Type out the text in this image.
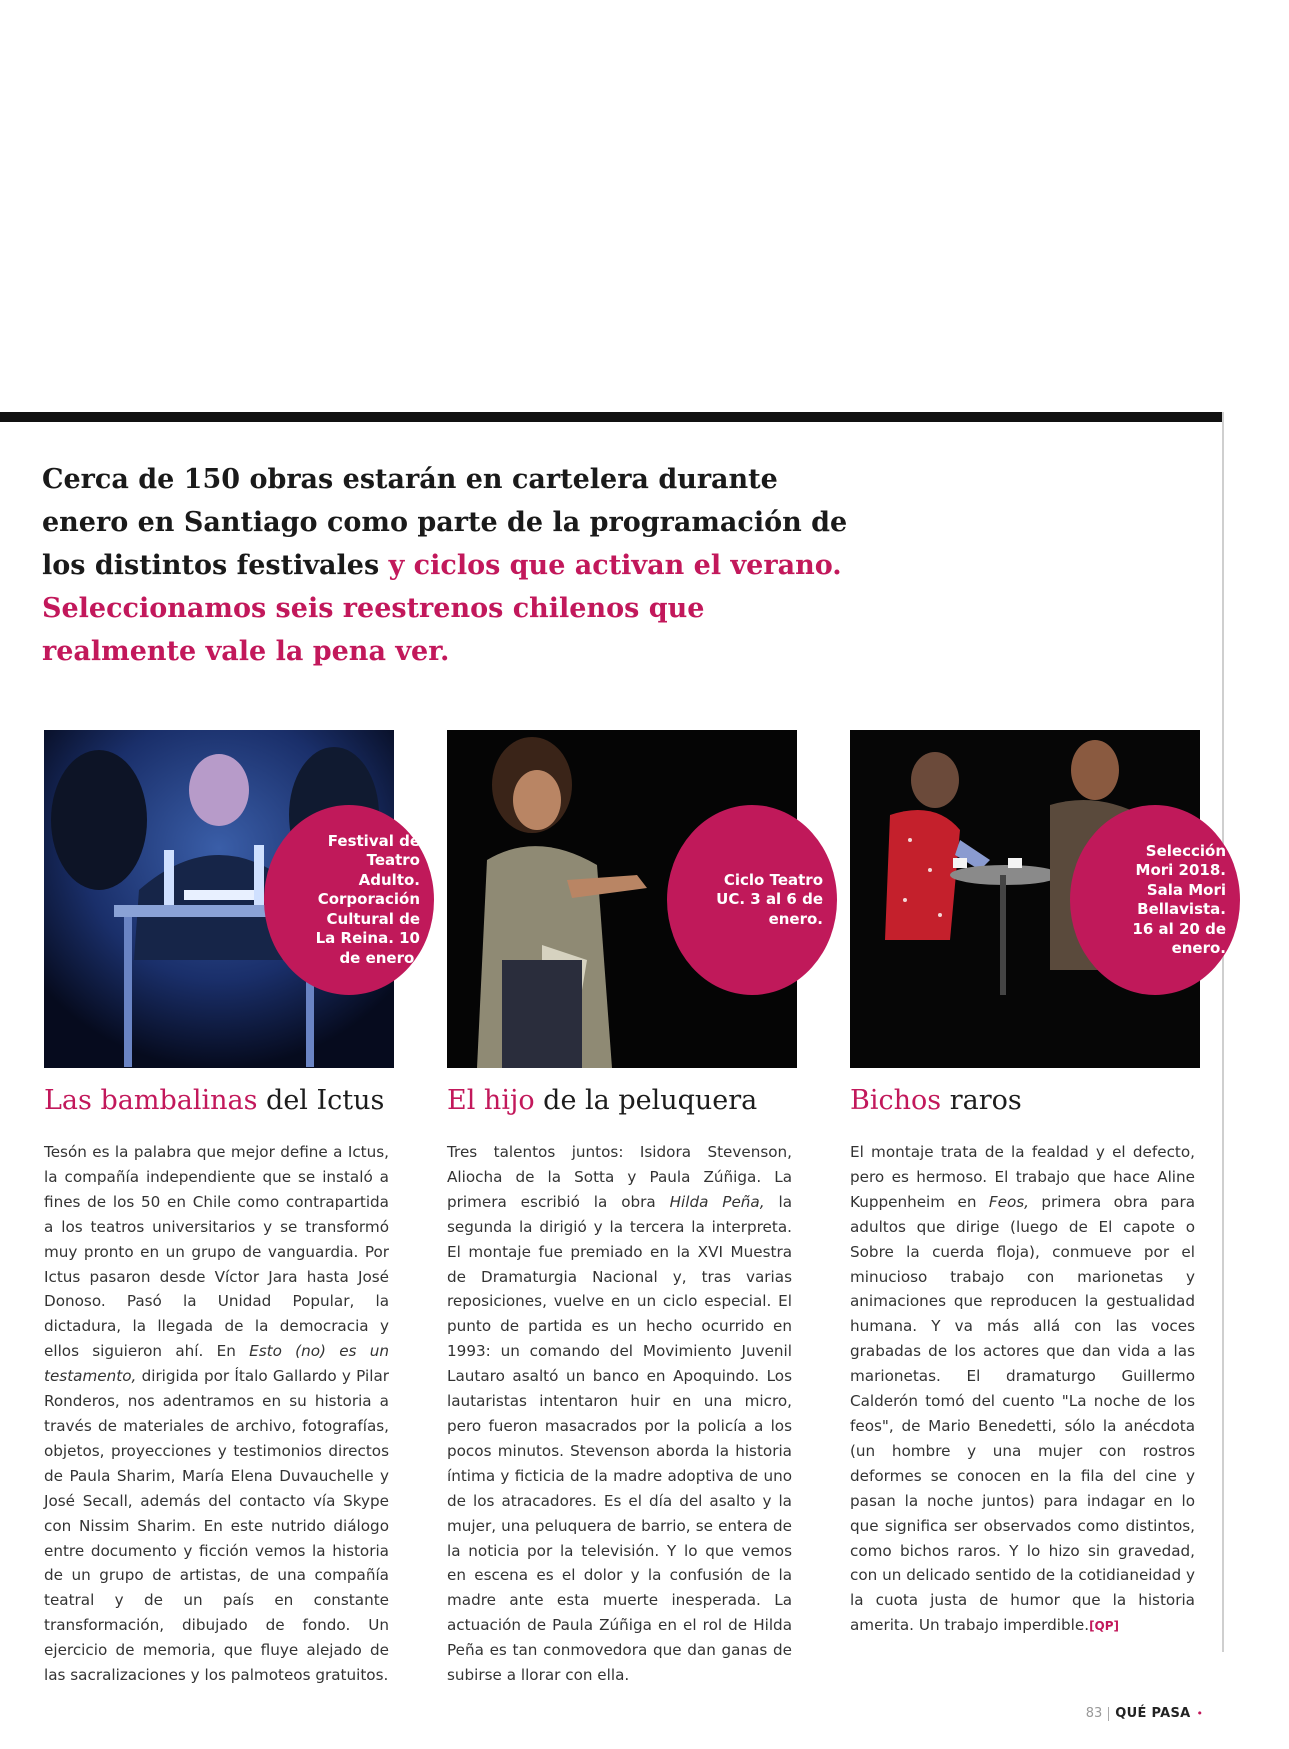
Cerca de 150 obras estarán en cartelera durante enero en Santiago como parte de la programación de los distintos festivales y ciclos que activan el verano. Seleccionamos seis reestrenos chilenos que realmente vale la pena ver.
Festival de Teatro Adulto. Corporación Cultural de La Reina. 10 de enero.
Ciclo Teatro UC. 3 al 6 de enero.
Selección Mori 2018. Sala Mori Bellavista. 16 al 20 de enero.
Las bambalinas del Ictus El hijo de la peluquera	Bichos raros

Tesón es la palabra que mejor define a Ictus, la compañía independiente que se instaló a fines de los 50 en Chile como contrapartida a los teatros universitarios y se transformó muy pronto en un grupo de vanguardia. Por Ictus pasaron desde Víctor Jara hasta José Donoso. Pasó la Unidad Popular, la dictadura, la llegada de la democracia y ellos siguieron ahí. En Esto (no) es un testamento, dirigida por Ítalo Gallardo y Pilar Ronderos, nos adentramos en su historia a través de materiales de archivo, fotografías, objetos, proyecciones y testimonios directos de Paula Sharim, María Elena Duvauchelle y José Secall, además del contacto vía Skype con Nissim Sharim. En este nutrido diálogo entre documento y ficción vemos la historia de un grupo de artistas, de una compañía teatral y de un país en constante transformación, dibujado de fondo. Un ejercicio de memoria, que fluye alejado de las sacralizaciones y los palmoteos gratuitos.

Tres talentos juntos: Isidora Stevenson, Aliocha de la Sotta y Paula Zúñiga. La primera escribió la obra Hilda Peña, la segunda la dirigió y la tercera la interpreta. El montaje fue premiado en la XVI Muestra de Dramaturgia Nacional y, tras varias reposiciones, vuelve en un ciclo especial. El punto de partida es un hecho ocurrido en 1993: un comando del Movimiento Juvenil Lautaro asaltó un banco en Apoquindo. Los lautaristas intentaron huir en una micro, pero fueron masacrados por la policía a los pocos minutos. Stevenson aborda la historia íntima y ficticia de la madre adoptiva de uno de los atracadores. Es el día del asalto y la mujer, una peluquera de barrio, se entera de la noticia por la televisión. Y lo que vemos en escena es el dolor y la confusión de la madre ante esta muerte inesperada. La actuación de Paula Zúñiga en el rol de Hilda Peña es tan conmovedora que dan ganas de subirse a llorar con ella.

El montaje trata de la fealdad y el defecto, pero es hermoso. El trabajo que hace Aline Kuppenheim en Feos, primera obra para adultos que dirige (luego de El capote o Sobre la cuerda floja), conmueve por el minucioso trabajo con marionetas y animaciones que reproducen la gestualidad humana. Y va más allá con las voces grabadas de los actores que dan vida a las marionetas. El dramaturgo Guillermo Calderón tomó del cuento "La noche de los feos", de Mario Benedetti, sólo la anécdota (un hombre y una mujer con rostros deformes se conocen en la fila del cine y pasan la noche juntos) para indagar en lo que significa ser observados como distintos, como bichos raros. Y lo hizo sin gravedad, con un delicado sentido de la cotidianeidad y la cuota justa de humor que la historia amerita. Un trabajo imperdible.[QP]

83 QUÉ PASA •
